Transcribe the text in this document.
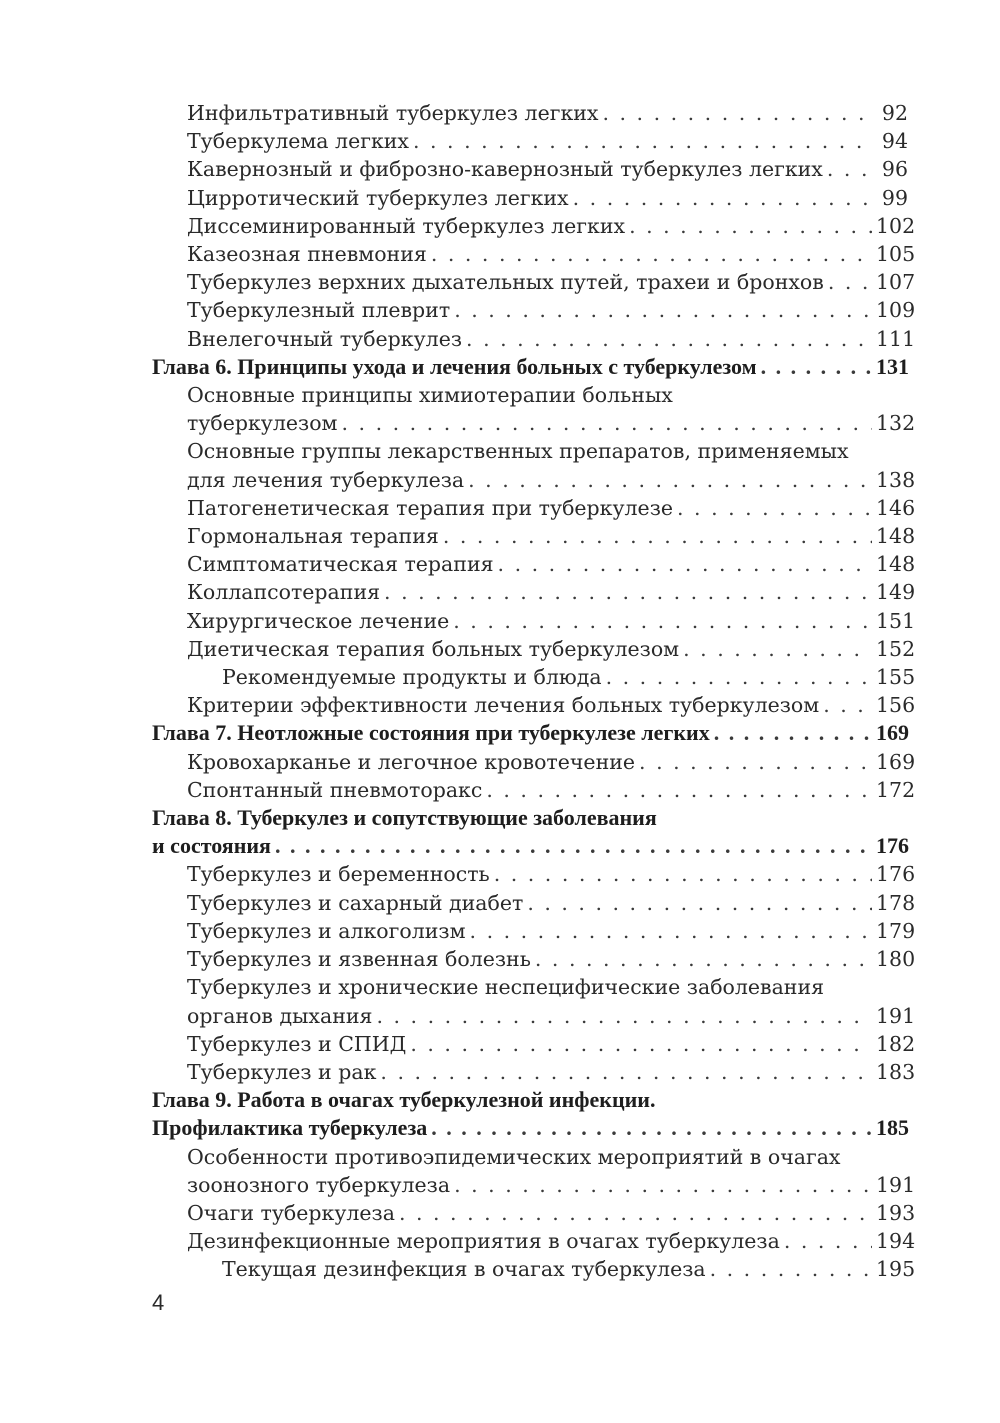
Инфильтративный туберкулез легких . . .	92
Туберкулема легких . . .	94
Кавернозный и фиброзно-кавернозный туберкулез легких . . .	96
Цирротический туберкулез легких . . .	99
Диссеминированный туберкулез легких . . .	102
Казеозная пневмония . . .	105
Туберкулез верхних дыхательных путей, трахеи и бронхов . . .	107
Туберкулезный плеврит . . .	109
Внелегочный туберкулез . . .	111
Глава 6. Принципы ухода и лечения больных с туберкулезом . . .	131
Основные принципы химиотерапии больных
туберкулезом . . .	132
Основные группы лекарственных препаратов, применяемых
для лечения туберкулеза . . .	138
Патогенетическая терапия при туберкулезе . . .	146
Гормональная терапия . . .	148
Симптоматическая терапия . . .	148
Коллапсотерапия . . .	149
Хирургическое лечение . . .	151
Диетическая терапия больных туберкулезом . . .	152
Рекомендуемые продукты и блюда . . .	155
Критерии эффективности лечения больных туберкулезом . . .	156
Глава 7. Неотложные состояния при туберкулезе легких . . .	169
Кровохарканье и легочное кровотечение . . .	169
Спонтанный пневмоторакс . . .	172
Глава 8. Туберкулез и сопутствующие заболевания
и состояния . . .	176
Туберкулез и беременность . . .	176
Туберкулез и сахарный диабет . . .	178
Туберкулез и алкоголизм . . .	179
Туберкулез и язвенная болезнь . . .	180
Туберкулез и хронические неспецифические заболевания
органов дыхания . . .	191
Туберкулез и СПИД . . .	182
Туберкулез и рак . . .	183
Глава 9. Работа в очагах туберкулезной инфекции.
Профилактика туберкулеза . . .	185
Особенности противоэпидемических мероприятий в очагах
зоонозного туберкулеза . . .	191
Очаги туберкулеза . . .	193
Дезинфекционные мероприятия в очагах туберкулеза . . .	194
Текущая дезинфекция в очагах туберкулеза . . .	195
4
